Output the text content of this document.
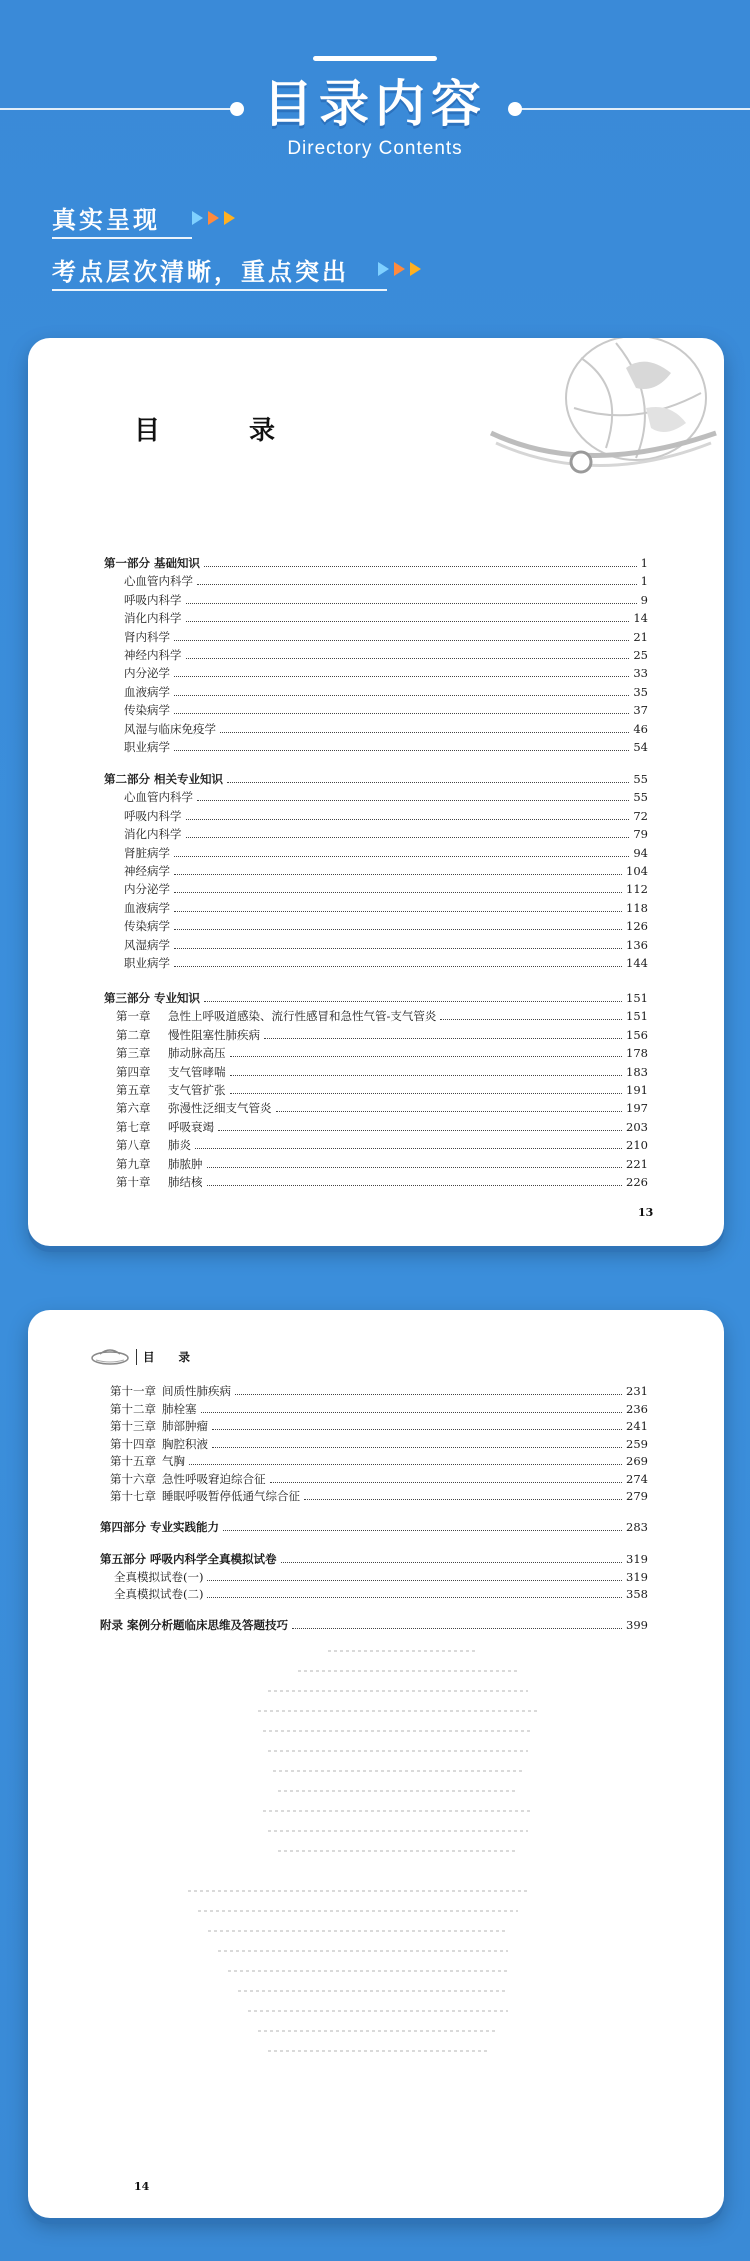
目录内容
Directory Contents
真实呈现
考点层次清晰，重点突出
目 录
第一部分 基础知识	1
心血管内科学	1
呼吸内科学	9
消化内科学	14
肾内科学	21
神经内科学	25
内分泌学	33
血液病学	35
传染病学	37
风湿与临床免疫学	46
职业病学	54
第二部分 相关专业知识	55
心血管内科学	55
呼吸内科学	72
消化内科学	79
肾脏病学	94
神经病学	104
内分泌学	112
血液病学	118
传染病学	126
风湿病学	136
职业病学	144
第三部分 专业知识	151
第一章 急性上呼吸道感染、流行性感冒和急性气管-支气管炎	151
第二章 慢性阻塞性肺疾病	156
第三章 肺动脉高压	178
第四章 支气管哮喘	183
第五章 支气管扩张	191
第六章 弥漫性泛细支气管炎	197
第七章 呼吸衰竭	203
第八章 肺炎	210
第九章 肺脓肿	221
第十章 肺结核	226
13
目 录
第十一章 间质性肺疾病	231
第十二章 肺栓塞	236
第十三章 肺部肿瘤	241
第十四章 胸腔积液	259
第十五章 气胸	269
第十六章 急性呼吸窘迫综合征	274
第十七章 睡眠呼吸暂停低通气综合征	279
第四部分 专业实践能力	283
第五部分 呼吸内科学全真模拟试卷	319
全真模拟试卷(一)	319
全真模拟试卷(二)	358
附录 案例分析题临床思维及答题技巧	399
14
